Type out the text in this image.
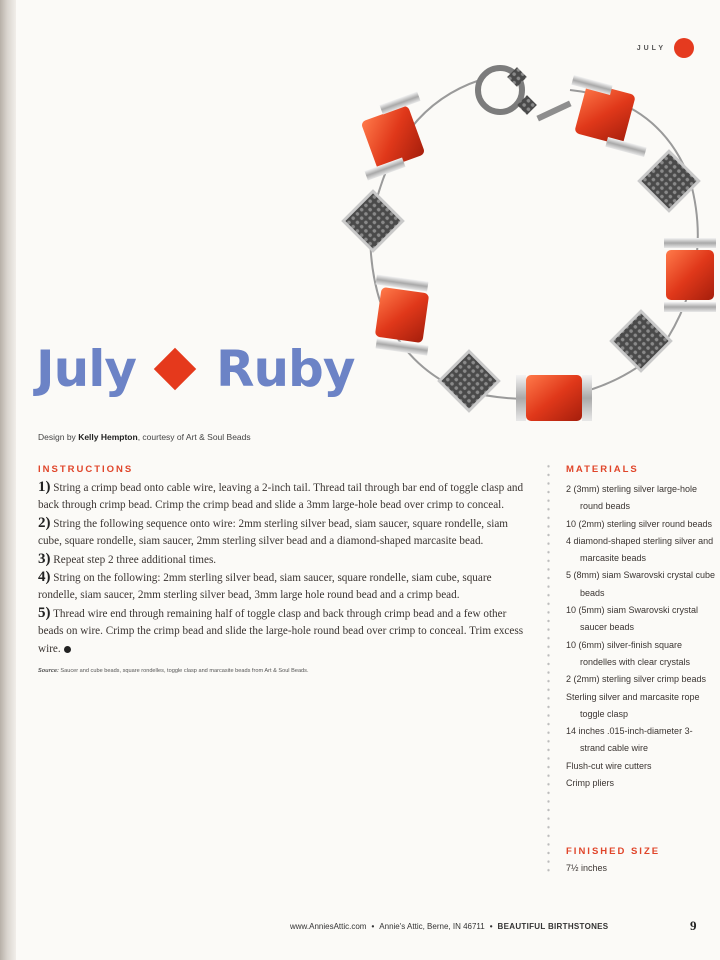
JULY
July Ruby
Design by Kelly Hempton, courtesy of Art & Soul Beads
INSTRUCTIONS

1) String a crimp bead onto cable wire, leaving a 2-inch tail. Thread tail through bar end of toggle clasp and back through crimp bead. Crimp the crimp bead and slide a 3mm large-hole bead over crimp to conceal.

2) String the following sequence onto wire: 2mm sterling silver bead, siam saucer, square rondelle, siam cube, square rondelle, siam saucer, 2mm sterling silver bead and a diamond-shaped marcasite bead.

3) Repeat step 2 three additional times.

4) String on the following: 2mm sterling silver bead, siam saucer, square rondelle, siam cube, square rondelle, siam saucer, 2mm sterling silver bead, 3mm large hole round bead and a crimp bead.

5) Thread wire end through remaining half of toggle clasp and back through crimp bead and a few other beads on wire. Crimp the crimp bead and slide the large-hole round bead over crimp to conceal. Trim excess wire.

Source: Saucer and cube beads, square rondelles, toggle clasp and marcasite beads from Art & Soul Beads.
MATERIALS
2 (3mm) sterling silver large-hole round beads
10 (2mm) sterling silver round beads
4 diamond-shaped sterling silver and marcasite beads
5 (8mm) siam Swarovski crystal cube beads
10 (5mm) siam Swarovski crystal saucer beads
10 (6mm) silver-finish square rondelles with clear crystals
2 (2mm) sterling silver crimp beads
Sterling silver and marcasite rope toggle clasp
14 inches .015-inch-diameter 3-strand cable wire
Flush-cut wire cutters
Crimp pliers
FINISHED SIZE
7½ inches
www.AnniesAttic.com • Annie's Attic, Berne, IN 46711 • BEAUTIFUL BIRTHSTONES	9
